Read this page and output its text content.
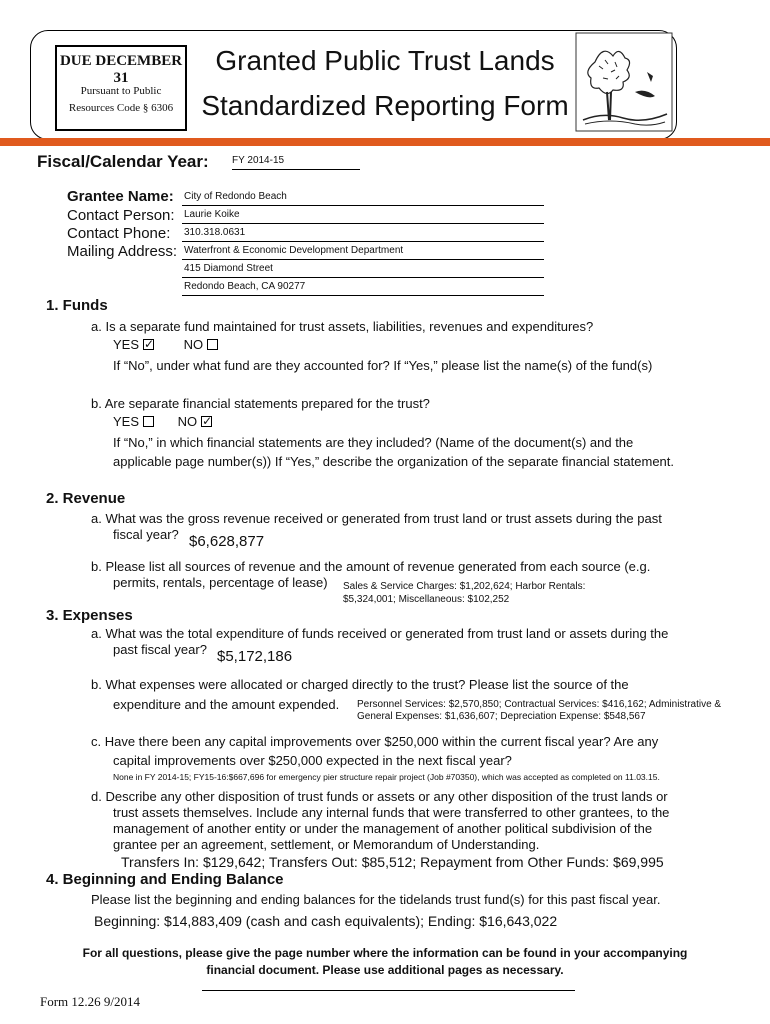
DUE DECEMBER 31
Pursuant to Public
Resources Code § 6306
Granted Public Trust Lands
Standardized Reporting Form
Fiscal/Calendar Year: FY 2014-15
Grantee Name: City of Redondo Beach
Contact Person: Laurie Koike
Contact Phone: 310.318.0631
Mailing Address: Waterfront & Economic Development Department
415 Diamond Street
Redondo Beach, CA 90277
1. Funds
a. Is a separate fund maintained for trust assets, liabilities, revenues and expenditures?
YES✓	NO
If “No”, under what fund are they accounted for? If “Yes,” please list the name(s) of the fund(s)
b. Are separate financial statements prepared for the trust?
YES	NO✓
If “No,” in which financial statements are they included? (Name of the document(s) and the
applicable page number(s)) If “Yes,” describe the organization of the separate financial statement.
2. Revenue
a. What was the gross revenue received or generated from trust land or trust assets during the past
fiscal year? $6,628,877
b. Please list all sources of revenue and the amount of revenue generated from each source (e.g.
permits, rentals, percentage of lease) Sales & Service Charges: $1,202,624; Harbor Rentals:
$5,324,001; Miscellaneous: $102,252
3. Expenses
a. What was the total expenditure of funds received or generated from trust land or assets during the
past fiscal year? $5,172,186
b. What expenses were allocated or charged directly to the trust? Please list the source of the
expenditure and the amount expended. Personnel Services: $2,570,850; Contractual Services: $416,162; Administrative &
General Expenses: $1,636,607; Depreciation Expense: $548,567
c. Have there been any capital improvements over $250,000 within the current fiscal year? Are any
capital improvements over $250,000 expected in the next fiscal year?
None in FY 2014-15; FY15-16:$667,696 for emergency pier structure repair project (Job #70350), which was accepted as completed on 11.03.15.
d. Describe any other disposition of trust funds or assets or any other disposition of the trust lands or
trust assets themselves. Include any internal funds that were transferred to other grantees, to the
management of another entity or under the management of another political subdivision of the
grantee per an agreement, settlement, or Memorandum of Understanding.
Transfers In: $129,642; Transfers Out: $85,512; Repayment from Other Funds: $69,995
4. Beginning and Ending Balance
Please list the beginning and ending balances for the tidelands trust fund(s) for this past fiscal year.
Beginning: $14,883,409 (cash and cash equivalents); Ending: $16,643,022
For all questions, please give the page number where the information can be found in your accompanying
financial document. Please use additional pages as necessary.
Form 12.26 9/2014
